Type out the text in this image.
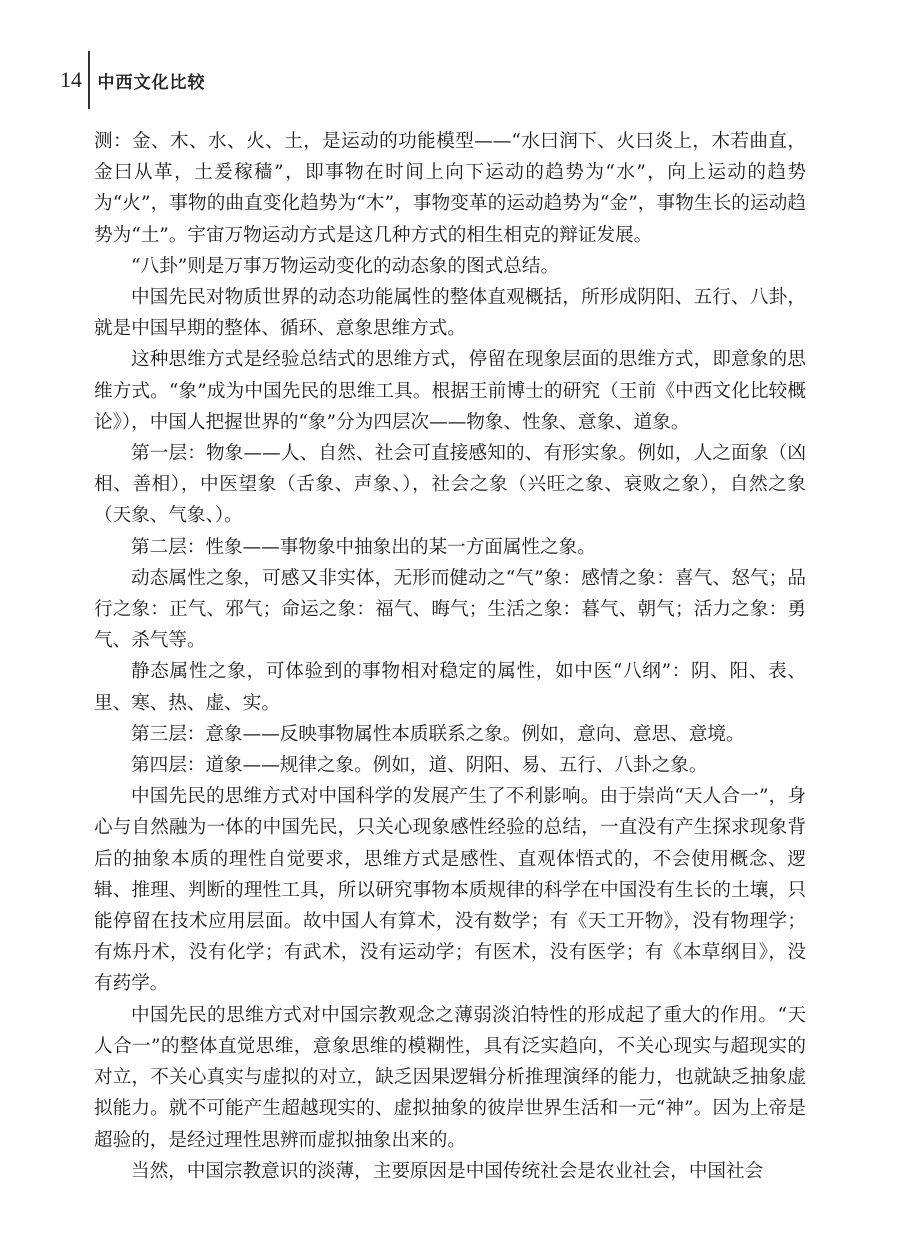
14 中西文化比较

测：金、木、水、火、土，是运动的功能模型——“水曰润下、火曰炎上，木若曲直，金曰从革，土爰稼穑”，即事物在时间上向下运动的趋势为“水”，向上运动的趋势为“火”，事物的曲直变化趋势为“木”，事物变革的运动趋势为“金”，事物生长的运动趋势为“土”。宇宙万物运动方式是这几种方式的相生相克的辩证发展。

“八卦”则是万事万物运动变化的动态象的图式总结。

中国先民对物质世界的动态功能属性的整体直观概括，所形成阴阳、五行、八卦，就是中国早期的整体、循环、意象思维方式。

这种思维方式是经验总结式的思维方式，停留在现象层面的思维方式，即意象的思维方式。“象”成为中国先民的思维工具。根据王前博士的研究（王前《中西文化比较概论》），中国人把握世界的“象”分为四层次——物象、性象、意象、道象。

第一层：物象——人、自然、社会可直接感知的、有形实象。例如，人之面象（凶相、善相），中医望象（舌象、声象、），社会之象（兴旺之象、衰败之象），自然之象（天象、气象、）。

第二层：性象——事物象中抽象出的某一方面属性之象。

动态属性之象，可感又非实体，无形而健动之“气”象：感情之象：喜气、怒气；品行之象：正气、邪气；命运之象：福气、晦气；生活之象：暮气、朝气；活力之象：勇气、杀气等。

静态属性之象，可体验到的事物相对稳定的属性，如中医“八纲”：阴、阳、表、里、寒、热、虚、实。

第三层：意象——反映事物属性本质联系之象。例如，意向、意思、意境。

第四层：道象——规律之象。例如，道、阴阳、易、五行、八卦之象。

中国先民的思维方式对中国科学的发展产生了不利影响。由于崇尚“天人合一”，身心与自然融为一体的中国先民，只关心现象感性经验的总结，一直没有产生探求现象背后的抽象本质的理性自觉要求，思维方式是感性、直观体悟式的，不会使用概念、逻辑、推理、判断的理性工具，所以研究事物本质规律的科学在中国没有生长的土壤，只能停留在技术应用层面。故中国人有算术，没有数学；有《天工开物》，没有物理学；有炼丹术，没有化学；有武术，没有运动学；有医术，没有医学；有《本草纲目》，没有药学。

中国先民的思维方式对中国宗教观念之薄弱淡泊特性的形成起了重大的作用。“天人合一”的整体直觉思维，意象思维的模糊性，具有泛实趋向，不关心现实与超现实的对立，不关心真实与虚拟的对立，缺乏因果逻辑分析推理演绎的能力，也就缺乏抽象虚拟能力。就不可能产生超越现实的、虚拟抽象的彼岸世界生活和一元“神”。因为上帝是超验的，是经过理性思辨而虚拟抽象出来的。

当然，中国宗教意识的淡薄，主要原因是中国传统社会是农业社会，中国社会
